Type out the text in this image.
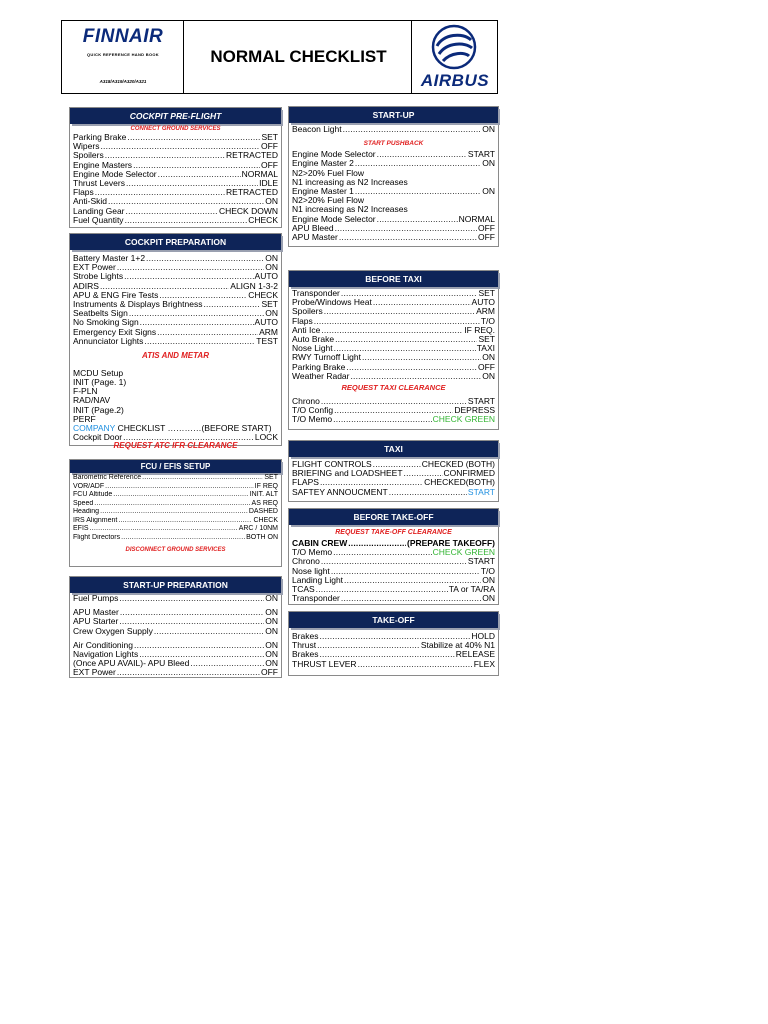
FINNAIR
QUICK REFERENCE HAND BOOK
A318/A319/A320/A321
NORMAL CHECKLIST
AIRBUS
COCKPIT PRE-FLIGHT
CONNECT GROUND SERVICES
Parking Brake .....	SET
Wipers .....	OFF
Spoilers .....	RETRACTED
Engine Masters .....	OFF
Engine Mode Selector .....	NORMAL
Thrust Levers .....	IDLE
Flaps .....	RETRACTED
Anti-Skid .....	ON
Landing Gear .....	CHECK DOWN
Fuel Quantity .....	CHECK
COCKPIT PREPARATION
Battery Master 1+2 .....	ON
EXT Power .....	ON
Strobe Lights .....	AUTO
ADIRS .....	ALIGN 1-3-2
APU & ENG Fire Tests .....	CHECK
Instruments & Displays Brightness .....	SET
Seatbelts Sign .....	ON
No Smoking Sign .....	AUTO
Emergency Exit Signs .....	ARM
Annunciator Lights .....	TEST
ATIS AND METAR
MCDU Setup
INIT (Page. 1)
F-PLN
RAD/NAV
INIT (Page.2)
PERF
COMPANY CHECKLIST …………(BEFORE START)
Cockpit Door .....	LOCK
REQUEST ATC IFR CLEARANCE
FCU / EFIS SETUP
Barometric Reference .....	SET
VOR/ADF .....	IF REQ
FCU Altitude .....	INIT. ALT
Speed .....	AS REQ
Heading .....	DASHED
IRS Alignment .....	CHECK
EFIS .....	ARC / 10NM
Flight Directors .....	BOTH ON
DISCONNECT GROUND SERVICES
START-UP PREPARATION
Fuel Pumps .....	ON
APU Master .....	ON
APU Starter .....	ON
Crew Oxygen Supply .....	ON
Air Conditioning .....	ON
Navigation Lights .....	ON
(Once APU AVAIL)- APU Bleed .....	ON
EXT Power .....	OFF
START-UP
Beacon Light .....	ON
START PUSHBACK
Engine Mode Selector .....	START
Engine Master 2 .....	ON
N2>20% Fuel Flow
N1 increasing as N2 Increases
Engine Master 1 .....	ON
N2>20% Fuel Flow
N1 increasing as N2 Increases
Engine Mode Selector .....	NORMAL
APU Bleed .....	OFF
APU Master .....	OFF
BEFORE TAXI
Transponder .....	SET
Probe/Windows Heat .....	AUTO
Spoilers .....	ARM
Flaps .....	T/O
Anti Ice .....	IF REQ.
Auto Brake .....	SET
Nose Light .....	TAXI
RWY Turnoff Light .....	ON
Parking Brake .....	OFF
Weather Radar .....	ON
REQUEST TAXI CLEARANCE
Chrono .....	START
T/O Config .....	DEPRESS
T/O Memo .....	CHECK GREEN
TAXI
FLIGHT CONTROLS .....	CHECKED (BOTH)
BRIEFING and LOADSHEET .....	CONFIRMED
FLAPS .....	CHECKED(BOTH)
SAFTEY ANNOUCMENT .....	START
BEFORE TAKE-OFF
REQUEST TAKE-OFF CLEARANCE
CABIN CREW .....	(PREPARE TAKEOFF)
T/O Memo .....	CHECK GREEN
Chrono .....	START
Nose light .....	T/O
Landing Light .....	ON
TCAS .....	TA or TA/RA
Transponder .....	ON
TAKE-OFF
Brakes .....	HOLD
Thrust .....	Stabilize at 40% N1
Brakes .....	RELEASE
THRUST LEVER .....	FLEX
